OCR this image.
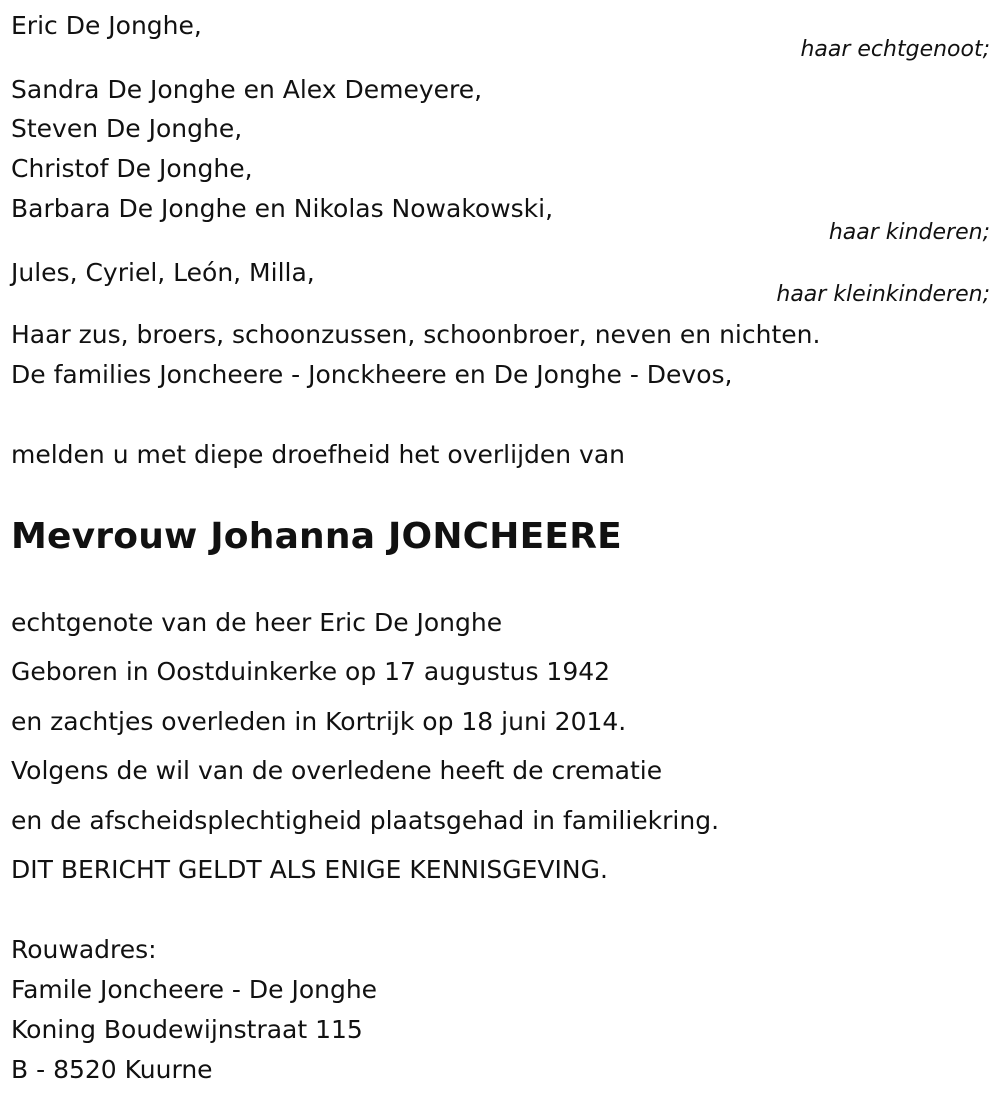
Eric De Jonghe,
haar echtgenoot;
Sandra De Jonghe en Alex Demeyere,
Steven De Jonghe,
Christof De Jonghe,
Barbara De Jonghe en Nikolas Nowakowski,
haar kinderen;
Jules, Cyriel, León, Milla,
haar kleinkinderen;
Haar zus, broers, schoonzussen, schoonbroer, neven en nichten.
De families Joncheere - Jonckheere en De Jonghe - Devos,
melden u met diepe droefheid het overlijden van
Mevrouw Johanna JONCHEERE
echtgenote van de heer Eric De Jonghe
Geboren in Oostduinkerke op 17 augustus 1942
en zachtjes overleden in Kortrijk op 18 juni 2014.
Volgens de wil van de overledene heeft de crematie
en de afscheidsplechtigheid plaatsgehad in familiekring.
DIT BERICHT GELDT ALS ENIGE KENNISGEVING.
Rouwadres:
Famile Joncheere - De Jonghe
Koning Boudewijnstraat 115
B - 8520 Kuurne
